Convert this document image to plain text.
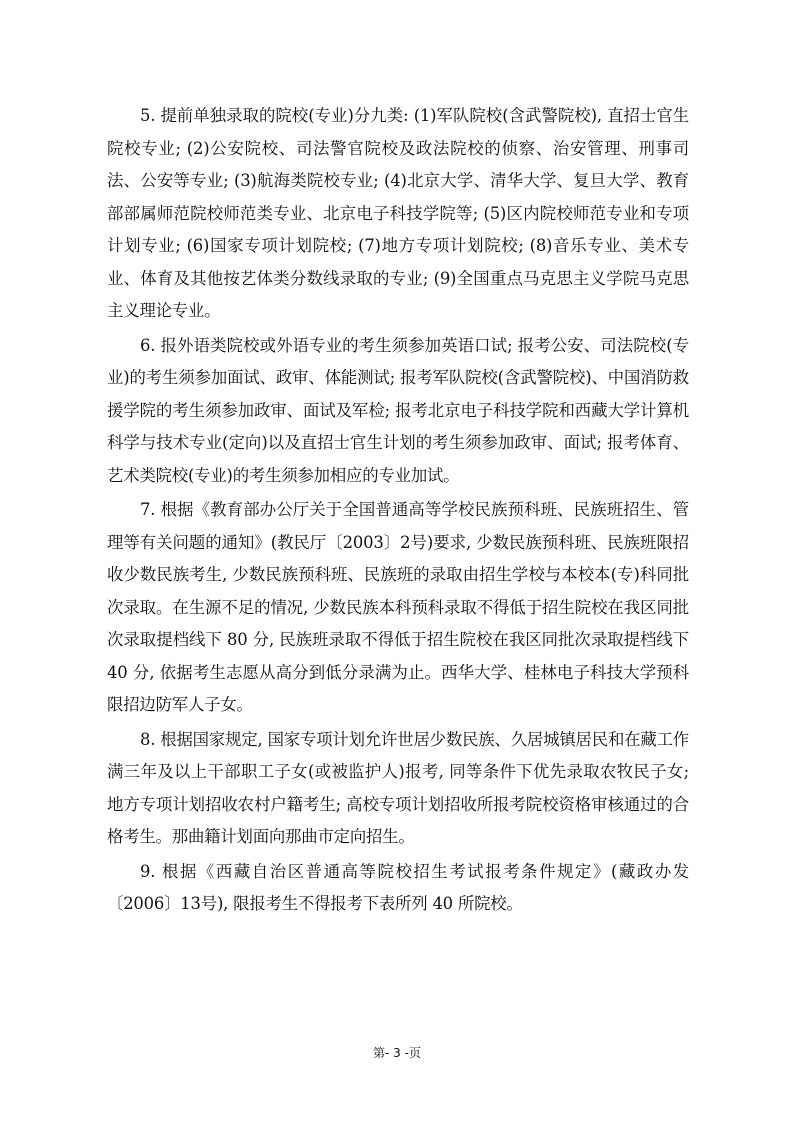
5. 提前单独录取的院校(专业)分九类: (1)军队院校(含武警院校), 直招士官生院校专业; (2)公安院校、司法警官院校及政法院校的侦察、治安管理、刑事司法、公安等专业; (3)航海类院校专业; (4)北京大学、清华大学、复旦大学、教育部部属师范院校师范类专业、北京电子科技学院等; (5)区内院校师范专业和专项计划专业; (6)国家专项计划院校; (7)地方专项计划院校; (8)音乐专业、美术专业、体育及其他按艺体类分数线录取的专业; (9)全国重点马克思主义学院马克思主义理论专业。

6. 报外语类院校或外语专业的考生须参加英语口试; 报考公安、司法院校(专业)的考生须参加面试、政审、体能测试; 报考军队院校(含武警院校)、中国消防救援学院的考生须参加政审、面试及军检; 报考北京电子科技学院和西藏大学计算机科学与技术专业(定向)以及直招士官生计划的考生须参加政审、面试; 报考体育、艺术类院校(专业)的考生须参加相应的专业加试。

7. 根据《教育部办公厅关于全国普通高等学校民族预科班、民族班招生、管理等有关问题的通知》(教民厅〔2003〕2号)要求, 少数民族预科班、民族班限招收少数民族考生, 少数民族预科班、民族班的录取由招生学校与本校本(专)科同批次录取。在生源不足的情况, 少数民族本科预科录取不得低于招生院校在我区同批次录取提档线下 80 分, 民族班录取不得低于招生院校在我区同批次录取提档线下 40 分, 依据考生志愿从高分到低分录满为止。西华大学、桂林电子科技大学预科限招边防军人子女。

8. 根据国家规定, 国家专项计划允许世居少数民族、久居城镇居民和在藏工作满三年及以上干部职工子女(或被监护人)报考, 同等条件下优先录取农牧民子女; 地方专项计划招收农村户籍考生; 高校专项计划招收所报考院校资格审核通过的合格考生。那曲籍计划面向那曲市定向招生。

9. 根据《西藏自治区普通高等院校招生考试报考条件规定》(藏政办发〔2006〕13号), 限报考生不得报考下表所列 40 所院校。

第- 3 -页
